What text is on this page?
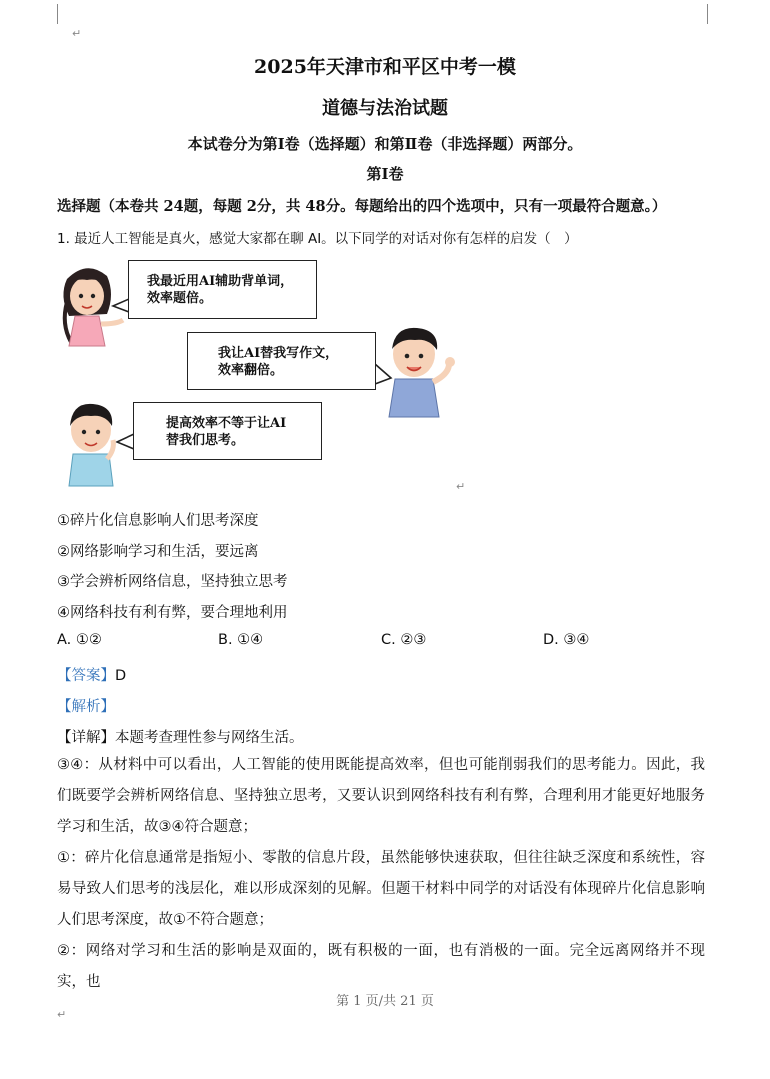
↵
2025年天津市和平区中考一模
道德与法治试题
本试卷分为第Ⅰ卷（选择题）和第Ⅱ卷（非选择题）两部分。
第Ⅰ卷
选择题（本卷共 24题，每题 2分，共 48分。每题给出的四个选项中，只有一项最符合题意。）
1. 最近人工智能是真火，感觉大家都在聊 AI。以下同学的对话对你有怎样的启发（　）
我最近用AI辅助背单词，
效率题倍。
我让AI替我写作文，
效率翻倍。
提高效率不等于让AI
替我们思考。
↵
①碎片化信息影响人们思考深度
②网络影响学习和生活，要远离
③学会辨析网络信息，坚持独立思考
④网络科技有利有弊，要合理地利用
A. ①②	B. ①④	C. ②③	D. ③④
【答案】D
【解析】
【详解】本题考查理性参与网络生活。
③④：从材料中可以看出，人工智能的使用既能提高效率，但也可能削弱我们的思考能力。因此，我们既要学会辨析网络信息、坚持独立思考，又要认识到网络科技有利有弊，合理利用才能更好地服务学习和生活，故③④符合题意；
①：碎片化信息通常是指短小、零散的信息片段，虽然能够快速获取，但往往缺乏深度和系统性，容易导致人们思考的浅层化，难以形成深刻的见解。但题干材料中同学的对话没有体现碎片化信息影响人们思考深度，故①不符合题意；
②：网络对学习和生活的影响是双面的，既有积极的一面，也有消极的一面。完全远离网络并不现实，也
第 1 页/共 21 页
↵
